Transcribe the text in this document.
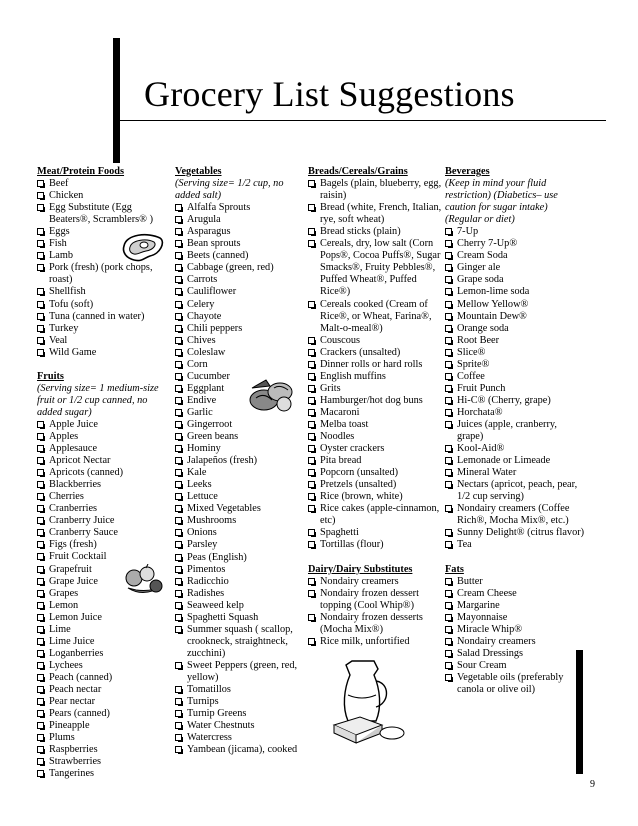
Grocery List Suggestions
Meat/Protein Foods
Beef
Chicken
Egg Substitute (Egg Beaters®, Scramblers® )
Eggs
Fish
Lamb
Pork (fresh) (pork chops, roast)
Shellfish
Tofu (soft)
Tuna (canned in water)
Turkey
Veal
Wild Game
Fruits
(Serving size= 1 medium-size fruit or 1/2 cup canned, no added sugar)
Apple Juice
Apples
Applesauce
Apricot Nectar
Apricots (canned)
Blackberries
Cherries
Cranberries
Cranberry Juice
Cranberry Sauce
Figs (fresh)
Fruit Cocktail
Grapefruit
Grape Juice
Grapes
Lemon
Lemon Juice
Lime
Lime Juice
Loganberries
Lychees
Peach (canned)
Peach nectar
Pear nectar
Pears (canned)
Pineapple
Plums
Raspberries
Strawberries
Tangerines
Vegetables
(Serving size= 1/2 cup, no added salt)
Alfalfa Sprouts
Arugula
Asparagus
Bean sprouts
Beets (canned)
Cabbage (green, red)
Carrots
Cauliflower
Celery
Chayote
Chili peppers
Chives
Coleslaw
Corn
Cucumber
Eggplant
Endive
Garlic
Gingerroot
Green beans
Hominy
Jalapeños (fresh)
Kale
Leeks
Lettuce
Mixed Vegetables
Mushrooms
Onions
Parsley
Peas (English)
Pimentos
Radicchio
Radishes
Seaweed kelp
Spaghetti Squash
Summer squash ( scallop, crookneck, straightneck, zucchini)
Sweet Peppers (green, red, yellow)
Tomatillos
Turnips
Turnip Greens
Water Chestnuts
Watercress
Yambean (jicama), cooked
Breads/Cereals/Grains
Bagels (plain, blueberry, egg, raisin)
Bread (white, French, Italian, rye, soft wheat)
Bread sticks (plain)
Cereals, dry, low salt (Corn Pops®, Cocoa Puffs®, Sugar Smacks®, Fruity Pebbles®, Puffed Wheat®, Puffed Rice®)
Cereals cooked (Cream of Rice®, or Wheat, Farina®, Malt-o-meal®)
Couscous
Crackers (unsalted)
Dinner rolls or hard rolls
English muffins
Grits
Hamburger/hot dog buns
Macaroni
Melba toast
Noodles
Oyster crackers
Pita bread
Popcorn (unsalted)
Pretzels (unsalted)
Rice (brown, white)
Rice cakes (apple-cinnamon, etc)
Spaghetti
Tortillas (flour)
Dairy/Dairy Substitutes
Nondairy creamers
Nondairy frozen dessert topping (Cool Whip®)
Nondairy frozen desserts (Mocha Mix®)
Rice milk, unfortified
Beverages
(Keep in mind your fluid restriction) (Diabetics– use caution for sugar intake) (Regular or diet)
7-Up
Cherry 7-Up®
Cream Soda
Ginger ale
Grape soda
Lemon-lime soda
Mellow Yellow®
Mountain Dew®
Orange soda
Root Beer
Slice®
Sprite®
Coffee
Fruit Punch
Hi-C® (Cherry, grape)
Horchata®
Juices (apple, cranberry, grape)
Kool-Aid®
Lemonade or Limeade
Mineral Water
Nectars (apricot, peach, pear, 1/2 cup serving)
Nondairy creamers (Coffee Rich®, Mocha Mix®, etc.)
Sunny Delight® (citrus flavor)
Tea
Fats
Butter
Cream Cheese
Margarine
Mayonnaise
Miracle Whip®
Nondairy creamers
Salad Dressings
Sour Cream
Vegetable oils (preferably canola or olive oil)
9
